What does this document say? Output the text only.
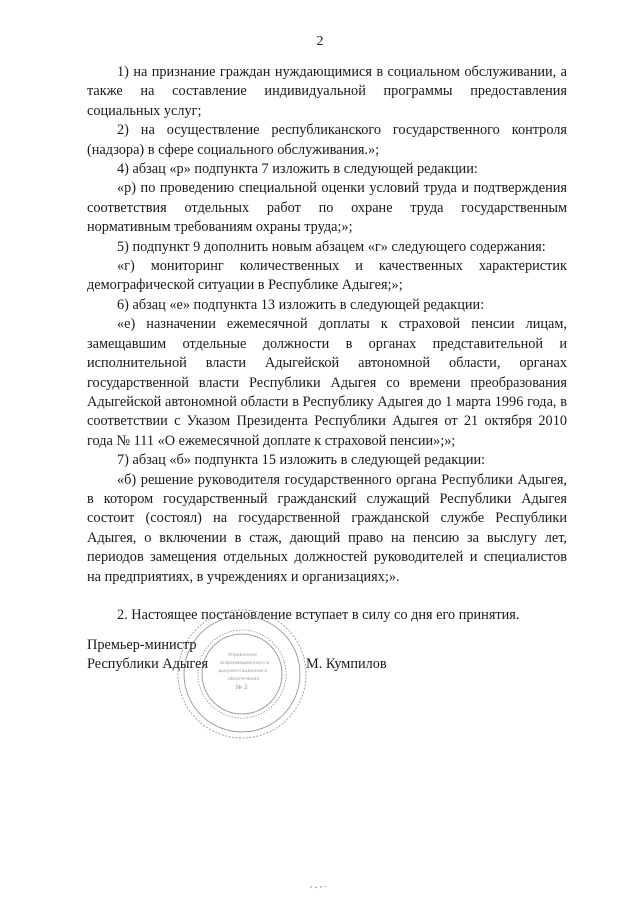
2

1) на признание граждан нуждающимися в социальном обслуживании, а также на составление индивидуальной программы предоставления социальных услуг;

2) на осуществление республиканского государственного контроля (надзора) в сфере социального обслуживания.»;

4) абзац «р» подпункта 7 изложить в следующей редакции:

«р) по проведению специальной оценки условий труда и подтверждения соответствия отдельных работ по охране труда государственным нормативным требованиям охраны труда;»;

5) подпункт 9 дополнить новым абзацем «г» следующего содержания:

«г) мониторинг количественных и качественных характеристик демографической ситуации в Республике Адыгея;»;

6) абзац «е» подпункта 13 изложить в следующей редакции:

«е) назначении ежемесячной доплаты к страховой пенсии лицам, замещавшим отдельные должности в органах представительной и исполнительной власти Адыгейской автономной области, органах государственной власти Республики Адыгея со времени преобразования Адыгейской автономной области в Республику Адыгея до 1 марта 1996 года, в соответствии с Указом Президента Республики Адыгея от 21 октября 2010 года № 111 «О ежемесячной доплате к страховой пенсии»;»;

7) абзац «б» подпункта 15 изложить в следующей редакции:

«б) решение руководителя государственного органа Республики Адыгея, в котором государственный гражданский служащий Республики Адыгея состоит (состоял) на государственной гражданской службе Республики Адыгея, о включении в стаж, дающий право на пенсию за выслугу лет, периодов замещения отдельных должностей руководителей и специалистов на предприятиях, в учреждениях и организациях;».

2. Настоящее постановление вступает в силу со дня его принятия.

Управление
информационного и
документационного
обеспечения
№ 2
Премьер-министр
Республики Адыгея	М. Кумпилов
